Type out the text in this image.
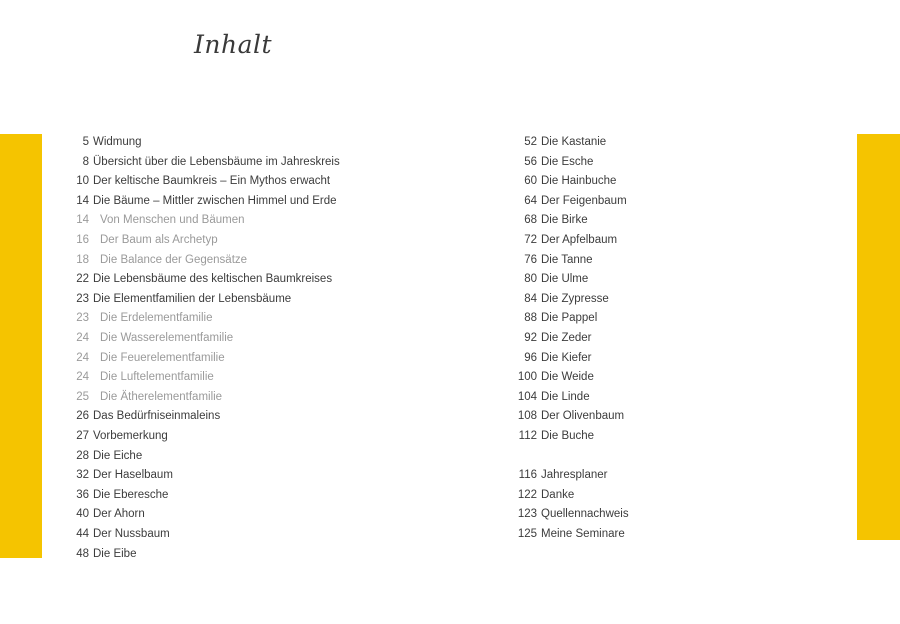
Inhalt
5 Widmung
8 Übersicht über die Lebensbäume im Jahreskreis
10 Der keltische Baumkreis – Ein Mythos erwacht
14 Die Bäume – Mittler zwischen Himmel und Erde
14 Von Menschen und Bäumen
16 Der Baum als Archetyp
18 Die Balance der Gegensätze
22 Die Lebensbäume des keltischen Baumkreises
23 Die Elementfamilien der Lebensbäume
23 Die Erdelementfamilie
24 Die Wasserelementfamilie
24 Die Feuerelementfamilie
24 Die Luftelementfamilie
25 Die Ätherelementfamilie
26 Das Bedürfniseinmaleins
27 Vorbemerkung
28 Die Eiche
32 Der Haselbaum
36 Die Eberesche
40 Der Ahorn
44 Der Nussbaum
48 Die Eibe
52 Die Kastanie
56 Die Esche
60 Die Hainbuche
64 Der Feigenbaum
68 Die Birke
72 Der Apfelbaum
76 Die Tanne
80 Die Ulme
84 Die Zypresse
88 Die Pappel
92 Die Zeder
96 Die Kiefer
100 Die Weide
104 Die Linde
108 Der Olivenbaum
112 Die Buche
116 Jahresplaner
122 Danke
123 Quellennachweis
125 Meine Seminare
